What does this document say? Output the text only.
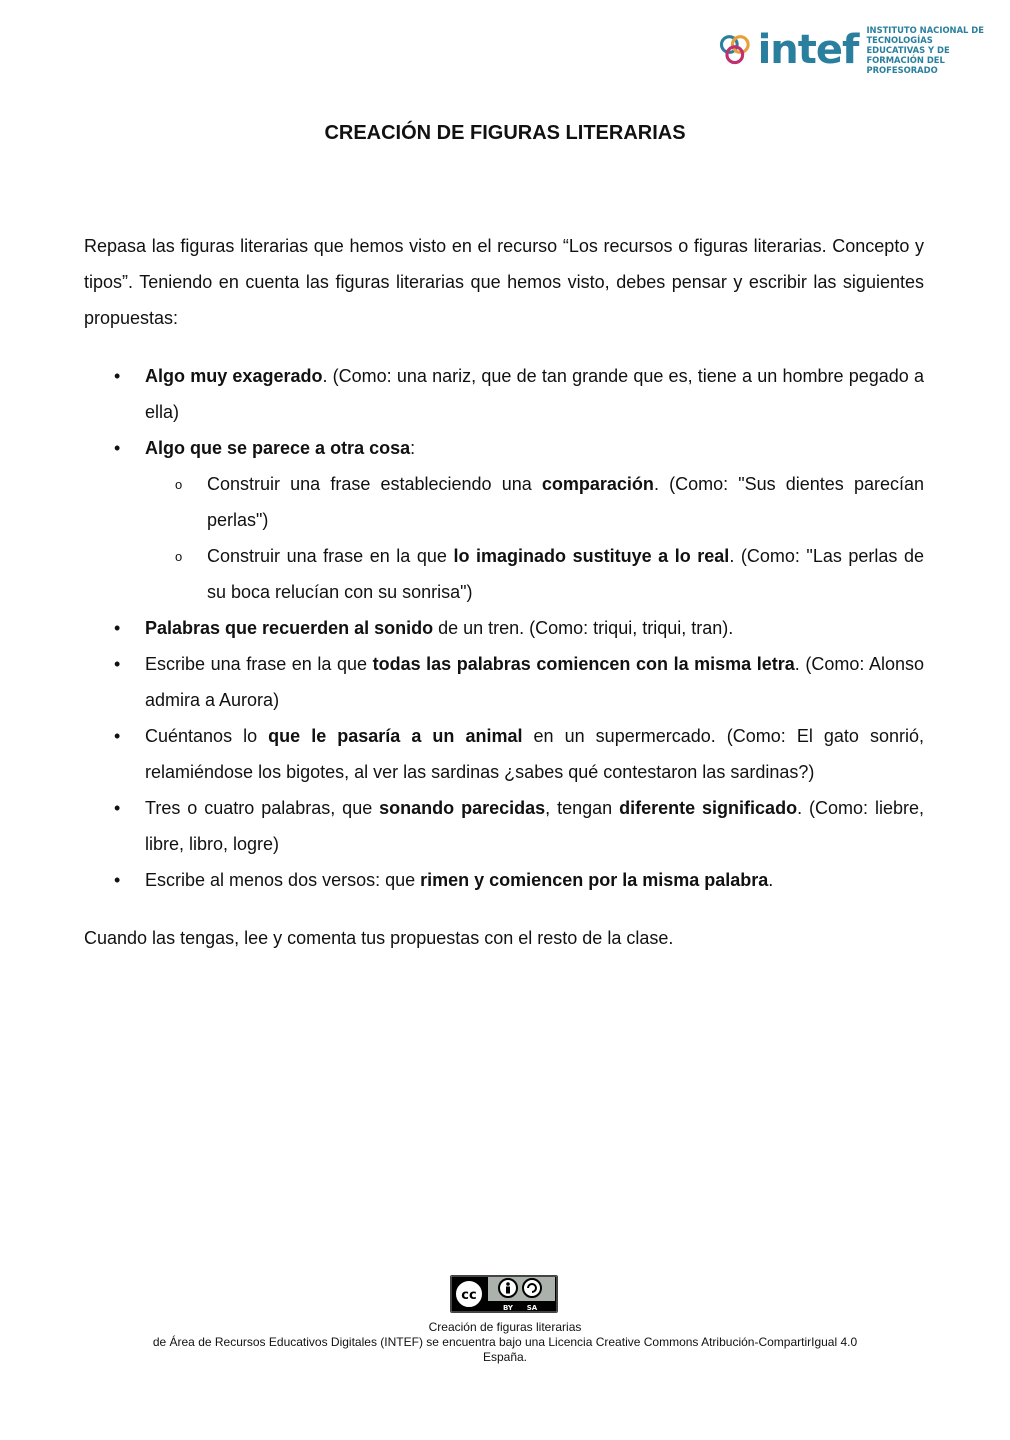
intef INSTITUTO NACIONAL DE
TECNOLOGÍAS EDUCATIVAS Y DE
FORMACIÓN DEL PROFESORADO
CREACIÓN DE FIGURAS LITERARIAS

Repasa las figuras literarias que hemos visto en el recurso “Los recursos o figuras literarias. Concepto y tipos”. Teniendo en cuenta las figuras literarias que hemos visto, debes pensar y escribir las siguientes propuestas:

• Algo muy exagerado. (Como: una nariz, que de tan grande que es, tiene a un hombre pegado a ella)
• Algo que se parece a otra cosa:
o Construir una frase estableciendo una comparación. (Como: "Sus dientes parecían perlas")
o Construir una frase en la que lo imaginado sustituye a lo real. (Como: "Las perlas de su boca relucían con su sonrisa")
• Palabras que recuerden al sonido de un tren. (Como: triqui, triqui, tran).
• Escribe una frase en la que todas las palabras comiencen con la misma letra. (Como: Alonso admira a Aurora)
• Cuéntanos lo que le pasaría a un animal en un supermercado. (Como: El gato sonrió, relamiéndose los bigotes, al ver las sardinas ¿sabes qué contestaron las sardinas?)
• Tres o cuatro palabras, que sonando parecidas, tengan diferente significado. (Como: liebre, libre, libro, logre)
• Escribe al menos dos versos: que rimen y comiencen por la misma palabra.

Cuando las tengas, lee y comenta tus propuestas con el resto de la clase.

cc
BY SA
Creación de figuras literarias
de Área de Recursos Educativos Digitales (INTEF) se encuentra bajo una Licencia Creative Commons Atribución-CompartirIgual 4.0
España.
